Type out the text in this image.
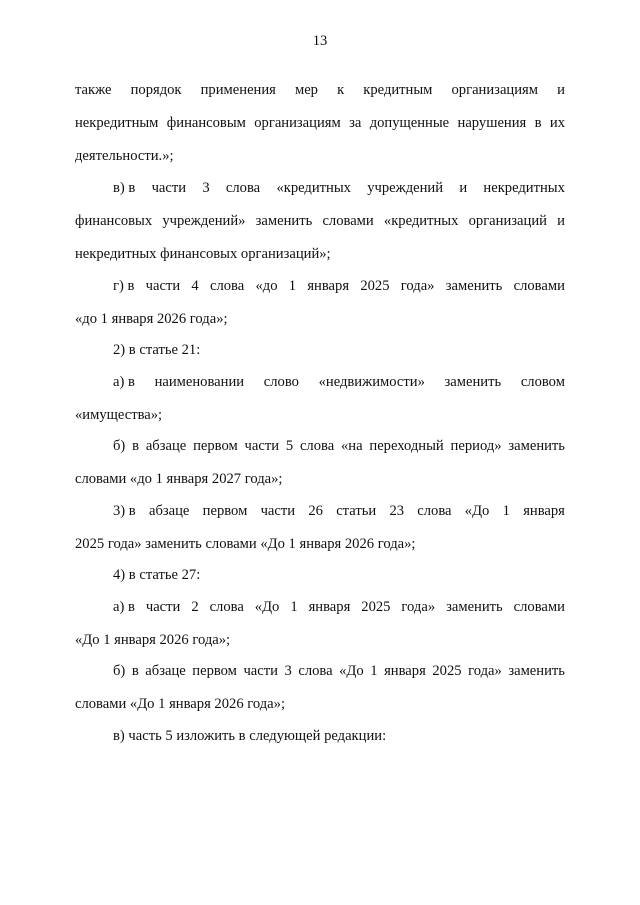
13
также порядок применения мер к кредитным организациям и
некредитным финансовым организациям за допущенные нарушения в их
деятельности.»;
в) в части 3 слова «кредитных учреждений и некредитных
финансовых учреждений» заменить словами «кредитных организаций и
некредитных финансовых организаций»;
г) в части 4 слова «до 1 января 2025 года» заменить словами
«до 1 января 2026 года»;
2) в статье 21:
а) в наименовании слово «недвижимости» заменить словом
«имущества»;
б) в абзаце первом части 5 слова «на переходный период» заменить
словами «до 1 января 2027 года»;
3) в абзаце первом части 26 статьи 23 слова «До 1 января
2025 года» заменить словами «До 1 января 2026 года»;
4) в статье 27:
а) в части 2 слова «До 1 января 2025 года» заменить словами
«До 1 января 2026 года»;
б) в абзаце первом части 3 слова «До 1 января 2025 года» заменить
словами «До 1 января 2026 года»;
в) часть 5 изложить в следующей редакции:
